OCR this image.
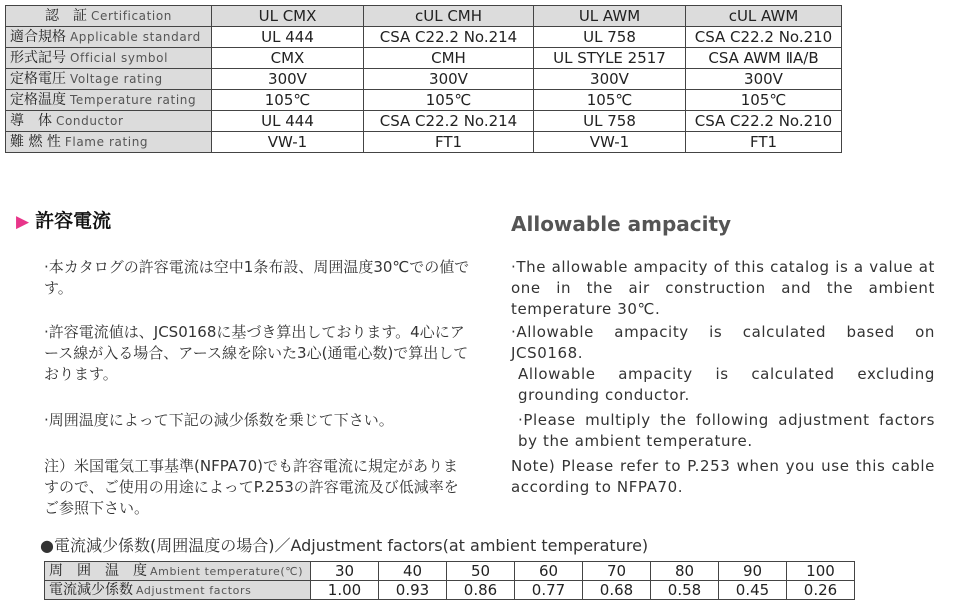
認　証 Certification	UL CMX	cUL CMH	UL AWM	cUL AWM
適合規格 Applicable standard	UL 444	CSA C22.2 No.214	UL 758	CSA C22.2 No.210
形式記号 Official symbol	CMX	CMH	UL STYLE 2517	CSA AWM ⅡA/B
定格電圧 Voltage rating	300V	300V	300V	300V
定格温度 Temperature rating	105℃	105℃	105℃	105℃
導　体 Conductor	UL 444	CSA C22.2 No.214	UL 758	CSA C22.2 No.210
難 燃 性 Flame rating	VW-1	FT1	VW-1	FT1
▶ 許容電流
·本カタログの許容電流は空中1条布設、周囲温度30℃での値です。
·許容電流値は、JCS0168に基づき算出しております。4心にアース線が入る場合、アース線を除いた3心(通電心数)で算出しております。
·周囲温度によって下記の減少係数を乗じて下さい。
注）米国電気工事基準(NFPA70)でも許容電流に規定がありますので、ご使用の用途によってP.253の許容電流及び低減率をご参照下さい。
Allowable ampacity
·The allowable ampacity of this catalog is a value at one in the air construction and the ambient temperature 30℃.
·Allowable ampacity is calculated based on JCS0168.
Allowable ampacity is calculated excluding grounding conductor.
·Please multiply the following adjustment factors by the ambient temperature.
Note) Please refer to P.253 when you use this cable according to NFPA70.
●電流減少係数(周囲温度の場合)／Adjustment factors(at ambient temperature)
周　囲　温　度 Ambient temperature(℃)	30	40	50	60	70	80	90	100
電流減少係数 Adjustment factors	1.00	0.93	0.86	0.77	0.68	0.58	0.45	0.26
